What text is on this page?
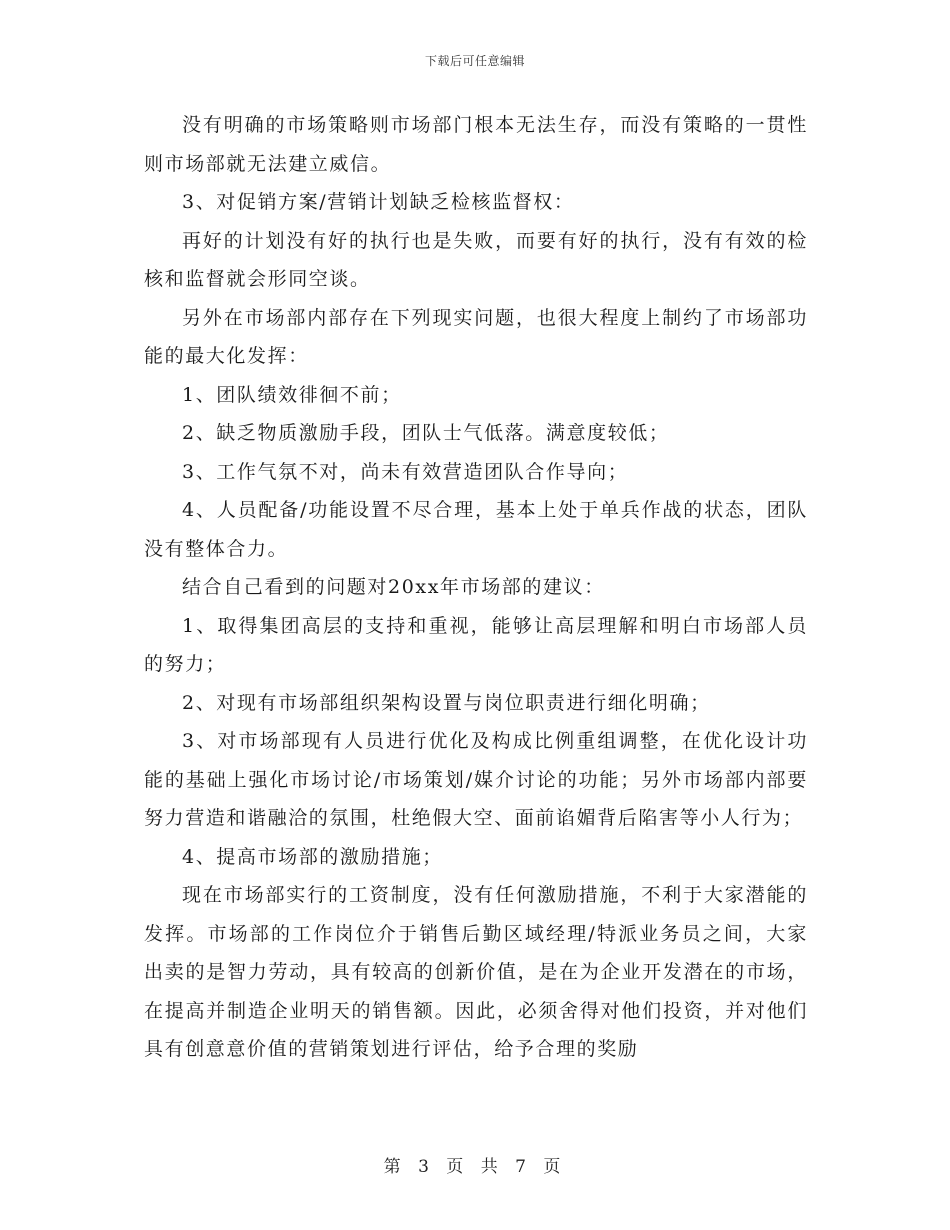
下载后可任意编辑

没有明确的市场策略则市场部门根本无法生存，而没有策略的一贯性则市场部就无法建立威信。

3、对促销方案/营销计划缺乏检核监督权：

再好的计划没有好的执行也是失败，而要有好的执行，没有有效的检核和监督就会形同空谈。

另外在市场部内部存在下列现实问题，也很大程度上制约了市场部功能的最大化发挥：

1、团队绩效徘徊不前；

2、缺乏物质激励手段，团队士气低落。满意度较低；

3、工作气氛不对，尚未有效营造团队合作导向；

4、人员配备/功能设置不尽合理，基本上处于单兵作战的状态，团队没有整体合力。

结合自己看到的问题对20xx年市场部的建议：

1、取得集团高层的支持和重视，能够让高层理解和明白市场部人员的努力；

2、对现有市场部组织架构设置与岗位职责进行细化明确；

3、对市场部现有人员进行优化及构成比例重组调整，在优化设计功能的基础上强化市场讨论/市场策划/媒介讨论的功能；另外市场部内部要努力营造和谐融洽的氛围，杜绝假大空、面前谄媚背后陷害等小人行为；

4、提高市场部的激励措施；

现在市场部实行的工资制度，没有任何激励措施，不利于大家潜能的发挥。市场部的工作岗位介于销售后勤区域经理/特派业务员之间，大家出卖的是智力劳动，具有较高的创新价值，是在为企业开发潜在的市场，在提高并制造企业明天的销售额。因此，必须舍得对他们投资，并对他们具有创意意价值的营销策划进行评估，给予合理的奖励

第 3 页 共 7 页
